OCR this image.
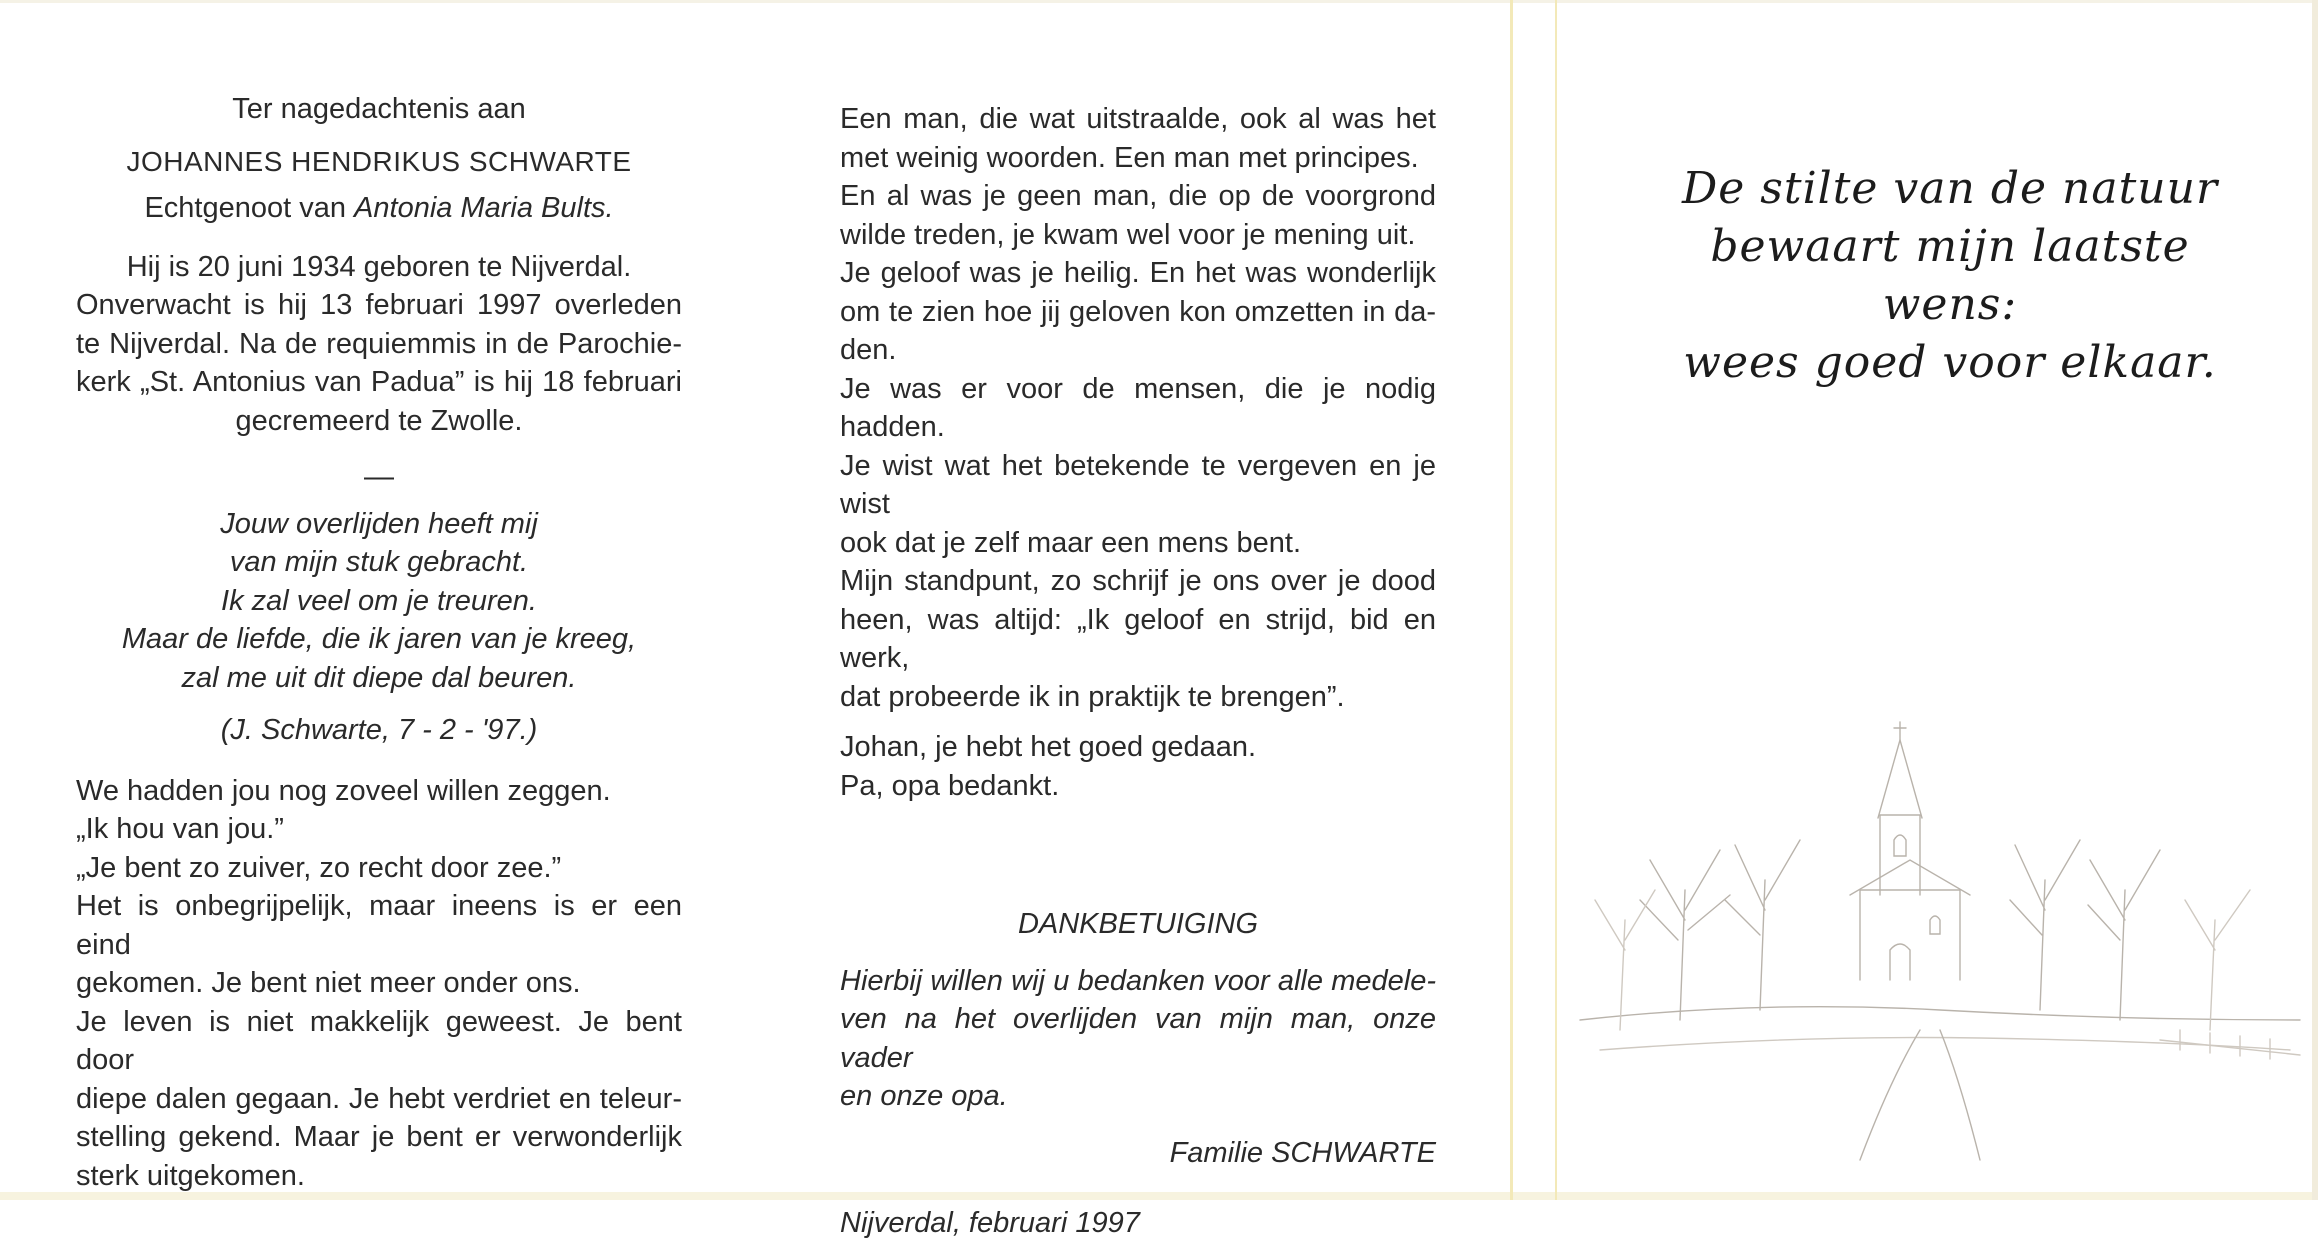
Ter nagedachtenis aan

JOHANNES HENDRIKUS SCHWARTE

Echtgenoot van Antonia Maria Bults.

Hij is 20 juni 1934 geboren te Nijverdal.
Onverwacht is hij 13 februari 1997 overleden
te Nijverdal. Na de requiemmis in de Parochie-
kerk „St. Antonius van Padua” is hij 18 februari
gecremeerd te Zwolle.

—

Jouw overlijden heeft mij

van mijn stuk gebracht.

Ik zal veel om je treuren.

Maar de liefde, die ik jaren van je kreeg,

zal me uit dit diepe dal beuren.

(J. Schwarte, 7 - 2 - '97.)

We hadden jou nog zoveel willen zeggen.

„Ik hou van jou.”

„Je bent zo zuiver, zo recht door zee.”

Het is onbegrijpelijk, maar ineens is er een eind

gekomen. Je bent niet meer onder ons.

Je leven is niet makkelijk geweest. Je bent door
diepe dalen gegaan. Je hebt verdriet en teleur-
stelling gekend. Maar je bent er verwonderlijk

sterk uitgekomen.

Een man, die wat uitstraalde, ook al was het

met weinig woorden. Een man met principes.

En al was je geen man, die op de voorgrond

wilde treden, je kwam wel voor je mening uit.

Je geloof was je heilig. En het was wonderlijk
om te zien hoe jij geloven kon omzetten in da-

den.

Je was er voor de mensen, die je nodig hadden.
Je wist wat het betekende te vergeven en je wist

ook dat je zelf maar een mens bent.

Mijn standpunt, zo schrijf je ons over je dood
heen, was altijd: „Ik geloof en strijd, bid en werk,

dat probeerde ik in praktijk te brengen”.

Johan, je hebt het goed gedaan.

Pa, opa bedankt.

DANKBETUIGING

Hierbij willen wij u bedanken voor alle medele-
ven na het overlijden van mijn man, onze vader

en onze opa.

Familie SCHWARTE

Nijverdal, februari 1997

De stilte van de natuur
bewaart mijn laatste wens:
wees goed voor elkaar.
